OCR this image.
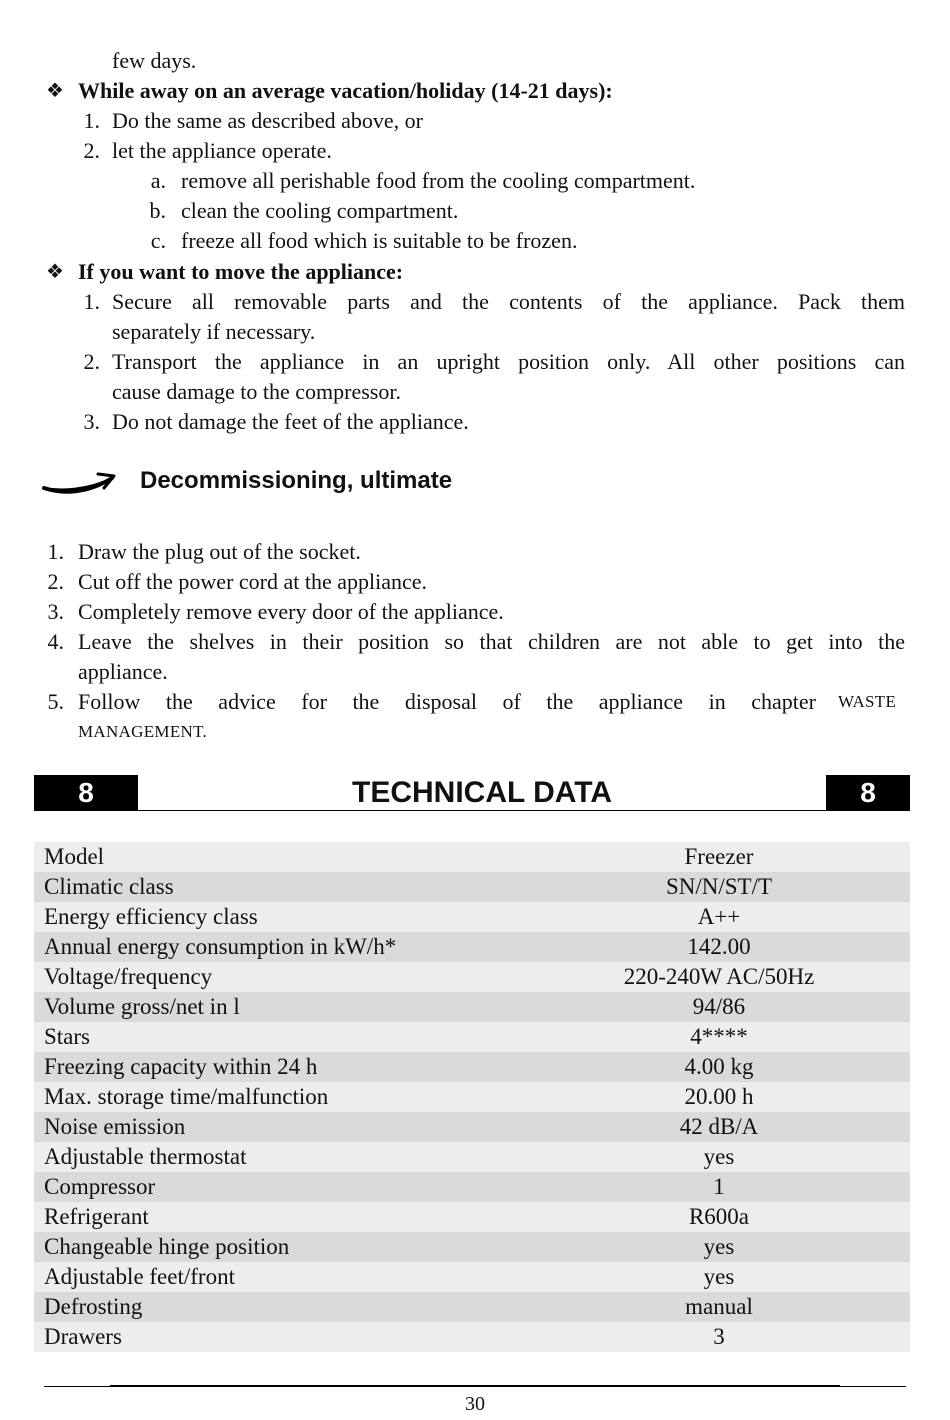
few days.
❖ While away on an average vacation/holiday (14-21 days):
1. Do the same as described above, or
2. let the appliance operate.
a. remove all perishable food from the cooling compartment.
b. clean the cooling compartment.
c. freeze all food which is suitable to be frozen.
❖ If you want to move the appliance:
1. Secure all removable parts and the contents of the appliance. Pack them
separately if necessary.
2. Transport the appliance in an upright position only. All other positions can
cause damage to the compressor.
3. Do not damage the feet of the appliance.
Decommissioning, ultimate
1. Draw the plug out of the socket.
2. Cut off the power cord at the appliance.
3. Completely remove every door of the appliance.
4. Leave the shelves in their position so that children are not able to get into the
appliance.
5. Follow the advice for the disposal of the appliance in chapter WASTE
MANAGEMENT.
8	TECHNICAL DATA	8
Model	Freezer
Climatic class	SN/N/ST/T
Energy efficiency class	A++
Annual energy consumption in kW/h*	142.00
Voltage/frequency	220-240W AC/50Hz
Volume gross/net in l	94/86
Stars	4****
Freezing capacity within 24 h	4.00 kg
Max. storage time/malfunction	20.00 h
Noise emission	42 dB/A
Adjustable thermostat	yes
Compressor	1
Refrigerant	R600a
Changeable hinge position	yes
Adjustable feet/front	yes
Defrosting	manual
Drawers	3
30
